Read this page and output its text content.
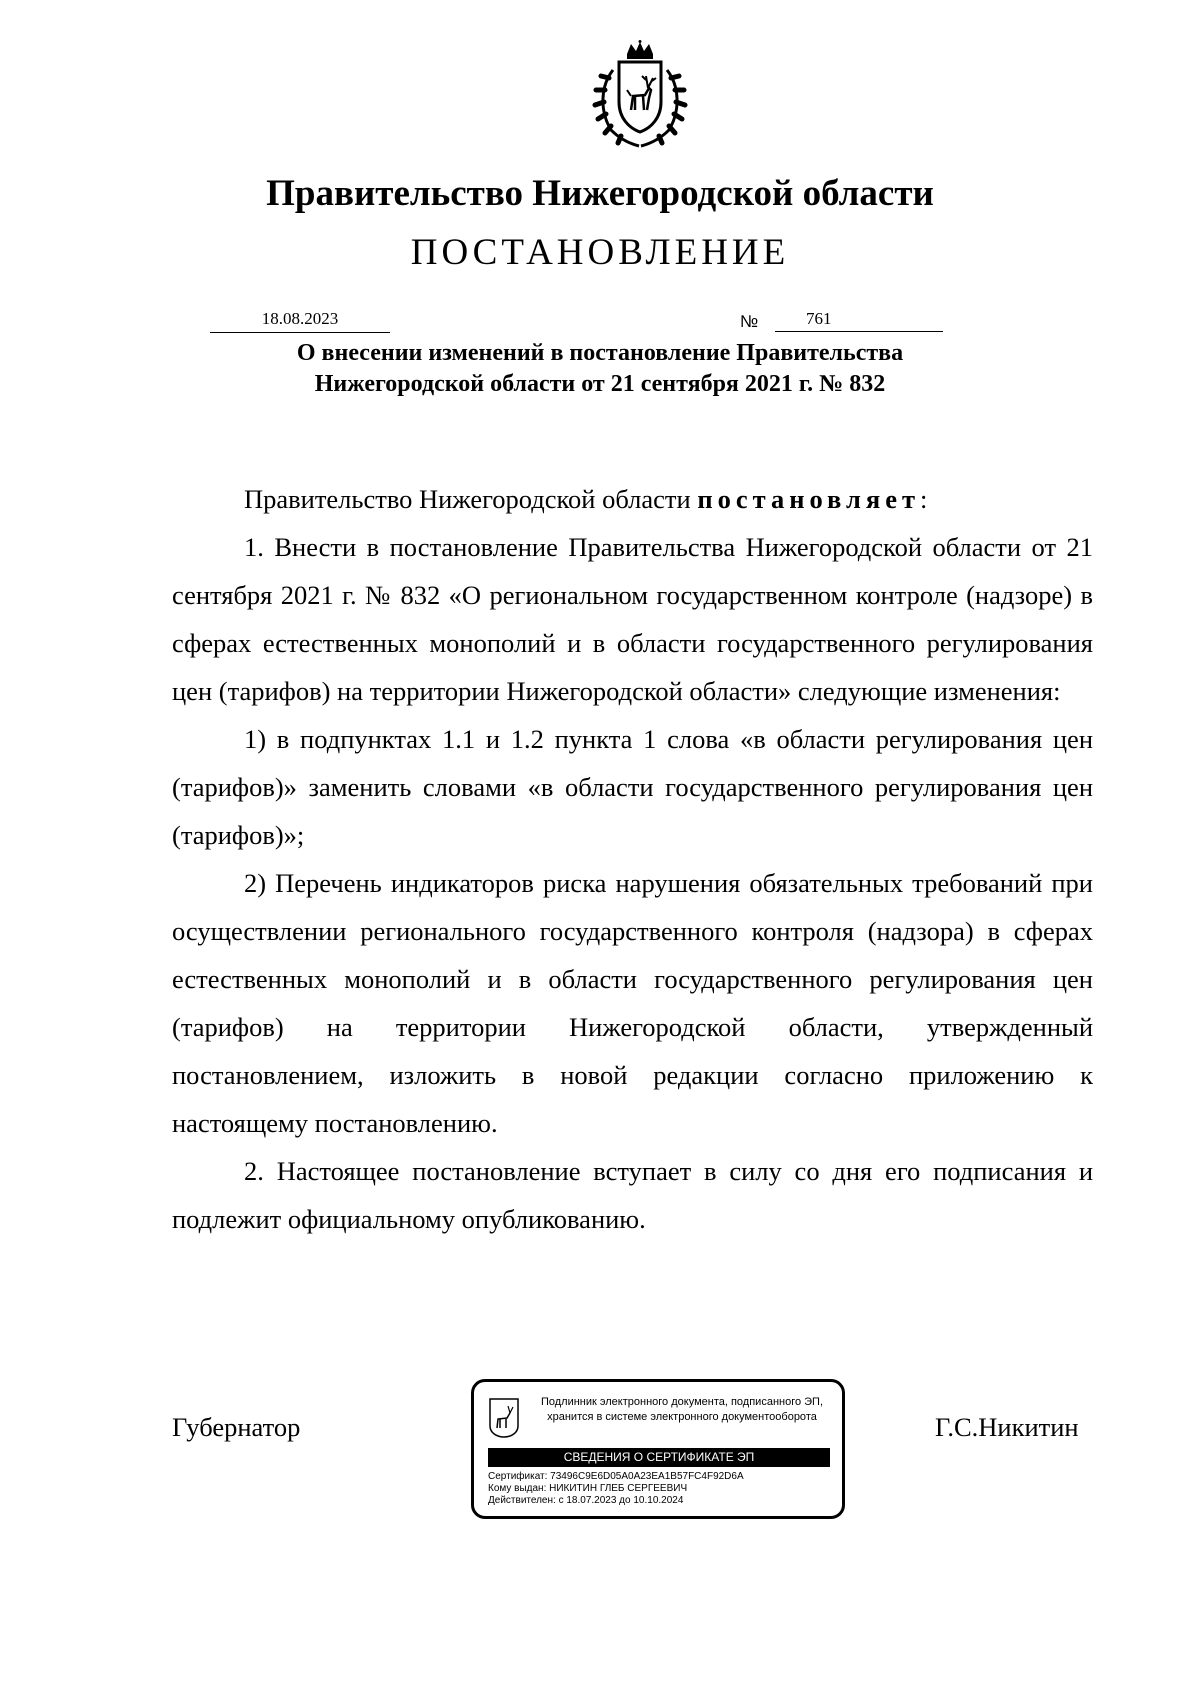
Правительство Нижегородской области
ПОСТАНОВЛЕНИЕ
18.08.2023	№	761
О внесении изменений в постановление Правительства
Нижегородской области от 21 сентября 2021 г. № 832

Правительство Нижегородской области постановляет:

1. Внести в постановление Правительства Нижегородской области от 21 сентября 2021 г. № 832 «О региональном государственном контроле (надзоре) в сферах естественных монополий и в области государственного регулирования цен (тарифов) на территории Нижегородской области» следующие изменения:

1) в подпунктах 1.1 и 1.2 пункта 1 слова «в области регулирования цен (тарифов)» заменить словами «в области государственного регулирования цен (тарифов)»;

2) Перечень индикаторов риска нарушения обязательных требований при осуществлении регионального государственного контроля (надзора) в сферах естественных монополий и в области государственного регулирования цен (тарифов) на территории Нижегородской области, утвержденный постановлением, изложить в новой редакции согласно приложению к настоящему постановлению.

2. Настоящее постановление вступает в силу со дня его подписания и подлежит официальному опубликованию.

Губернатор	Г.С.Никитин
Подлинник электронного документа, подписанного ЭП,
хранится в системе электронного документооборота
СВЕДЕНИЯ О СЕРТИФИКАТЕ ЭП
Сертификат: 73496C9E6D05A0A23EA1B57FC4F92D6A
Кому выдан: НИКИТИН ГЛЕБ СЕРГЕЕВИЧ
Действителен: с 18.07.2023 до 10.10.2024
